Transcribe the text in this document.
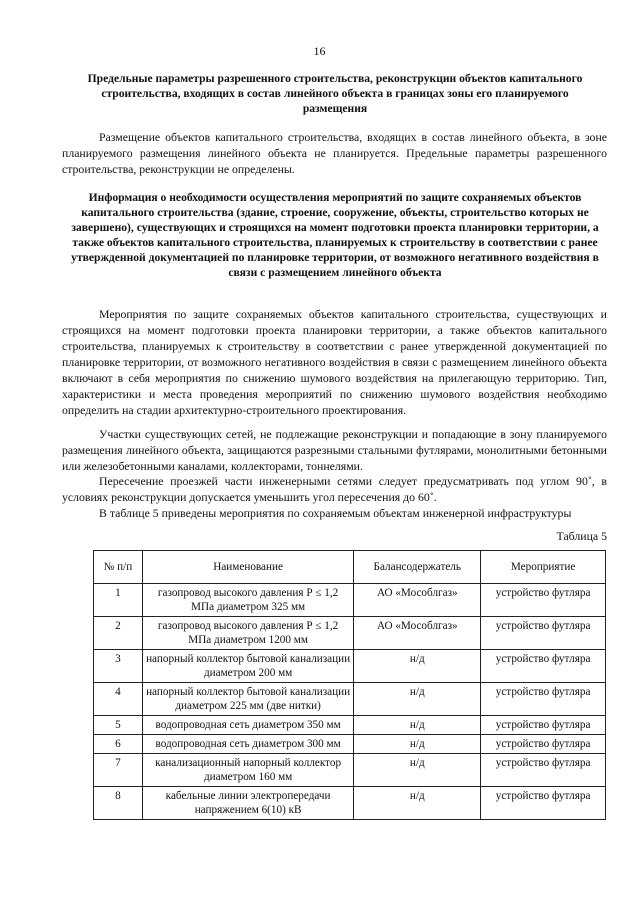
16
Предельные параметры разрешенного строительства, реконструкции объектов капитального строительства, входящих в состав линейного объекта в границах зоны его планируемого размещения

Размещение объектов капитального строительства, входящих в состав линейного объекта, в зоне планируемого размещения линейного объекта не планируется. Предельные параметры разрешенного строительства, реконструкции не определены.

Информация о необходимости осуществления мероприятий по защите сохраняемых объектов капитального строительства (здание, строение, сооружение, объекты, строительство которых не завершено), существующих и строящихся на момент подготовки проекта планировки территории, а также объектов капитального строительства, планируемых к строительству в соответствии с ранее утвержденной документацией по планировке территории, от возможного негативного воздействия в связи с размещением линейного объекта

Мероприятия по защите сохраняемых объектов капитального строительства, существующих и строящихся на момент подготовки проекта планировки территории, а также объектов капитального строительства, планируемых к строительству в соответствии с ранее утвержденной документацией по планировке территории, от возможного негативного воздействия в связи с размещением линейного объекта включают в себя мероприятия по снижению шумового воздействия на прилегающую территорию. Тип, характеристики и места проведения мероприятий по снижению шумового воздействия необходимо определить на стадии архитектурно-строительного проектирования.

Участки существующих сетей, не подлежащие реконструкции и попадающие в зону планируемого размещения линейного объекта, защищаются разрезными стальными футлярами, монолитными бетонными или железобетонными каналами, коллекторами, тоннелями.

Пересечение проезжей части инженерными сетями следует предусматривать под углом 90˚, в условиях реконструкции допускается уменьшить угол пересечения до 60˚.

В таблице 5 приведены мероприятия по сохраняемым объектам инженерной инфраструктуры

Таблица 5
№ п/п	Наименование	Балансодержатель	Мероприятие
1	газопровод высокого давления Р ≤ 1,2 МПа диаметром 325 мм	АО «Мособлгаз»	устройство футляра
2	газопровод высокого давления Р ≤ 1,2 МПа диаметром 1200 мм	АО «Мособлгаз»	устройство футляра
3	напорный коллектор бытовой канализации диаметром 200 мм	н/д	устройство футляра
4	напорный коллектор бытовой канализации диаметром 225 мм (две нитки)	н/д	устройство футляра
5	водопроводная сеть диаметром 350 мм	н/д	устройство футляра
6	водопроводная сеть диаметром 300 мм	н/д	устройство футляра
7	канализационный напорный коллектор диаметром 160 мм	н/д	устройство футляра
8	кабельные линии электропередачи напряжением 6(10) кВ	н/д	устройство футляра
